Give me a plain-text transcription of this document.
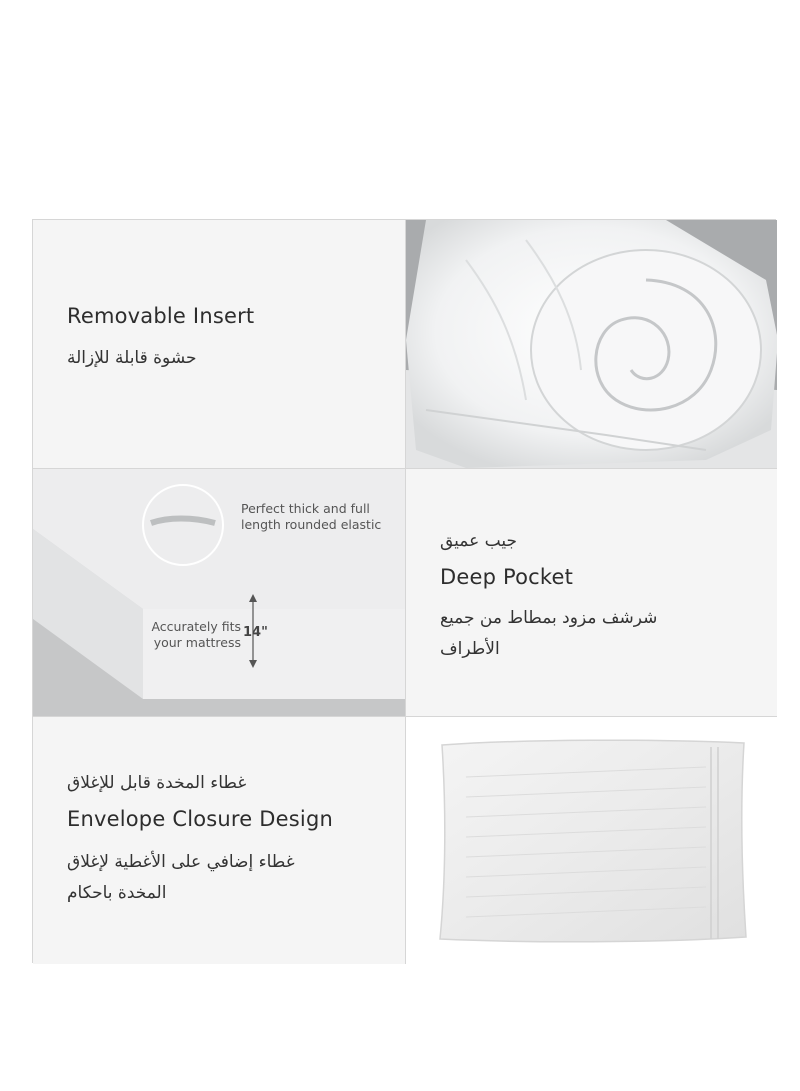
Removable Insert
حشوة قابلة للإزالة
Perfect thick and full
length rounded elastic
Accurately fits
your mattress
14"
جيب عميق
Deep Pocket
شرشف مزود بمطاط من جميع
الأطراف
غطاء المخدة قابل للإغلاق
Envelope Closure Design
غطاء إضافي على الأغطية لإغلاق
المخدة باحكام
